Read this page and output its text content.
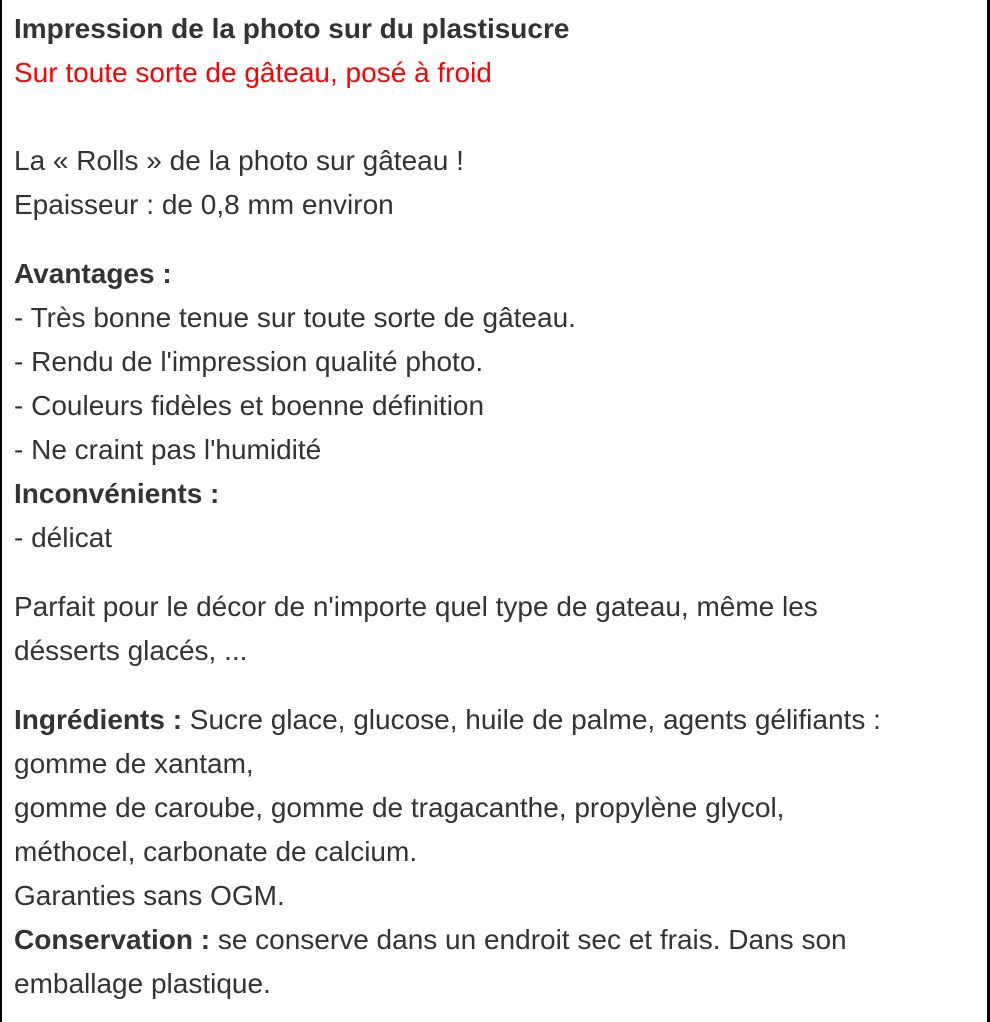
Impression de la photo sur du plastisucre
Sur toute sorte de gâteau, posé à froid

La « Rolls » de la photo sur gâteau !
Epaisseur : de 0,8 mm environ
Avantages :
- Très bonne tenue sur toute sorte de gâteau.
- Rendu de l'impression qualité photo.
- Couleurs fidèles et boenne définition
- Ne craint pas l'humidité
Inconvénients :
- délicat
Parfait pour le décor de n'importe quel type de gateau, même les
désserts glacés, ...
Ingrédients : Sucre glace, glucose, huile de palme, agents gélifiants :
gomme de xantam,
gomme de caroube, gomme de tragacanthe, propylène glycol,
méthocel, carbonate de calcium.
Garanties sans OGM.
Conservation : se conserve dans un endroit sec et frais. Dans son
emballage plastique.
